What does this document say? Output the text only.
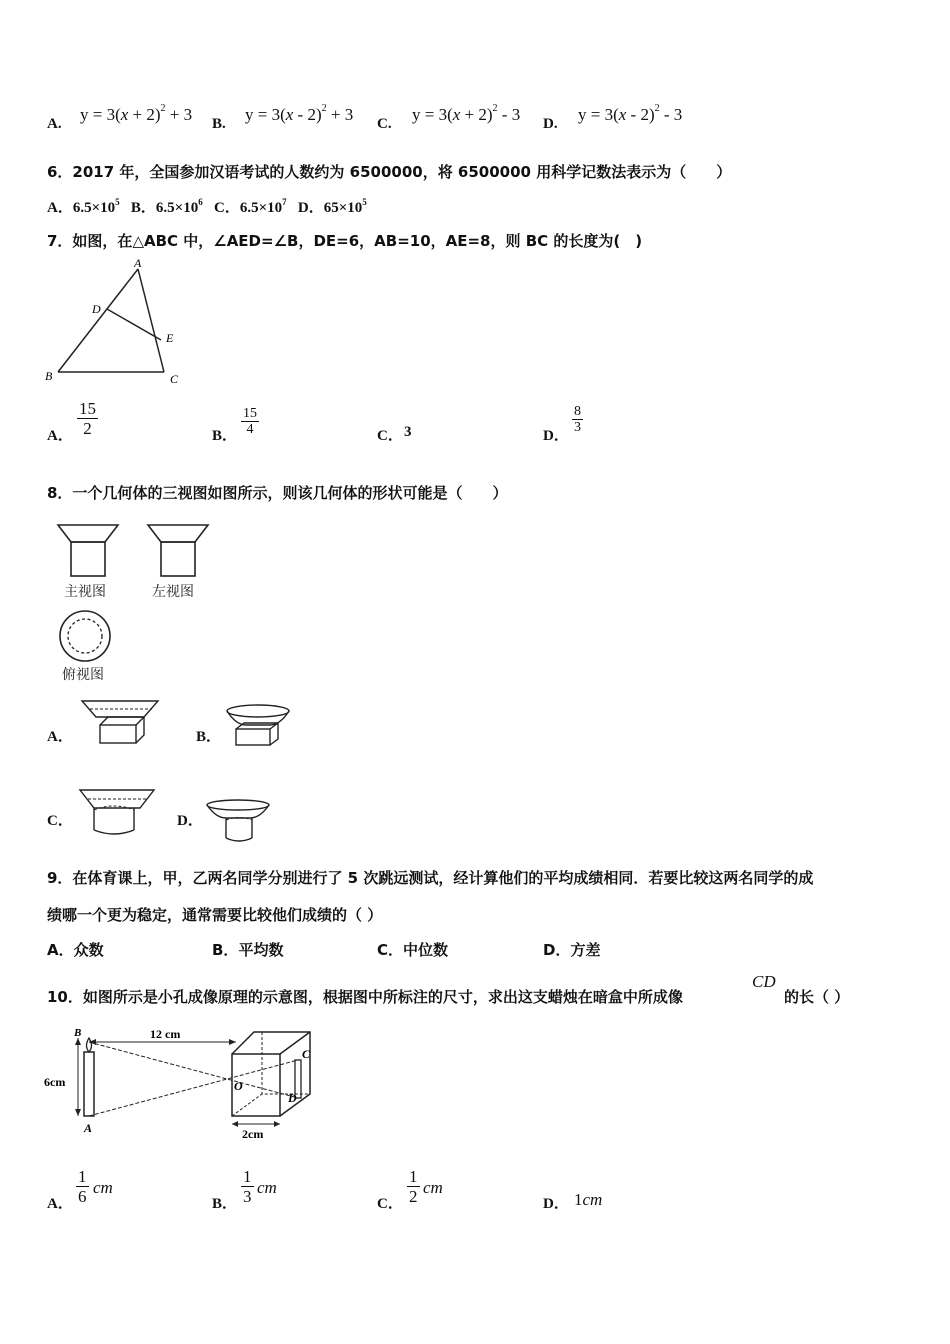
A. $y = 3(x + 2)^2 + 3$ B. y = 3(x - 2)$^2$ + 3 C. $y = 3(x + 2)^2 - 3$ D. y = 3(x - 2)$^2$ - 3
6．2017 年，全国参加汉语考试的人数约为 6500000，将 6500000 用科学记数法表示为（　　）
A．$6.5\times 10^5$ B．$6.5\times 10^6$ C．$6.5\times 10^7$ D．$65\times 10^5$
7．如图，在△ABC 中，∠AED=∠B，DE=6，AB=10，AE=8，则 BC 的长度为(　)
A
B	C
D
E
A． $\frac{15}{2}$	B． $\frac{15}{4}$	C． 3	D．
$\frac{8}{3}$
8．一个几何体的三视图如图所示，则该几何体的形状可能是（　　）
主视图	左视图
俯视图
A．	B．
C．	D．
9．在体育课上，甲，乙两名同学分别进行了 5 次跳远测试，经计算他们的平均成绩相同．若要比较这两名同学的成
绩哪一个更为稳定，通常需要比较他们成绩的（ ）
A．众数	B．平均数	C．中位数	D．方差
10．如图所示是小孔成像原理的示意图，根据图中所标注的尺寸，求出这支蜡烛在暗盒中所成像
CD
的长（ ）
6cm
B
A
12 cm
C
D
O
2cm
A． $\frac{1}{6}$ cm
B． $\frac{1}{3}$ cm
C． $\frac{1}{2}$ cm
D． 1cm
